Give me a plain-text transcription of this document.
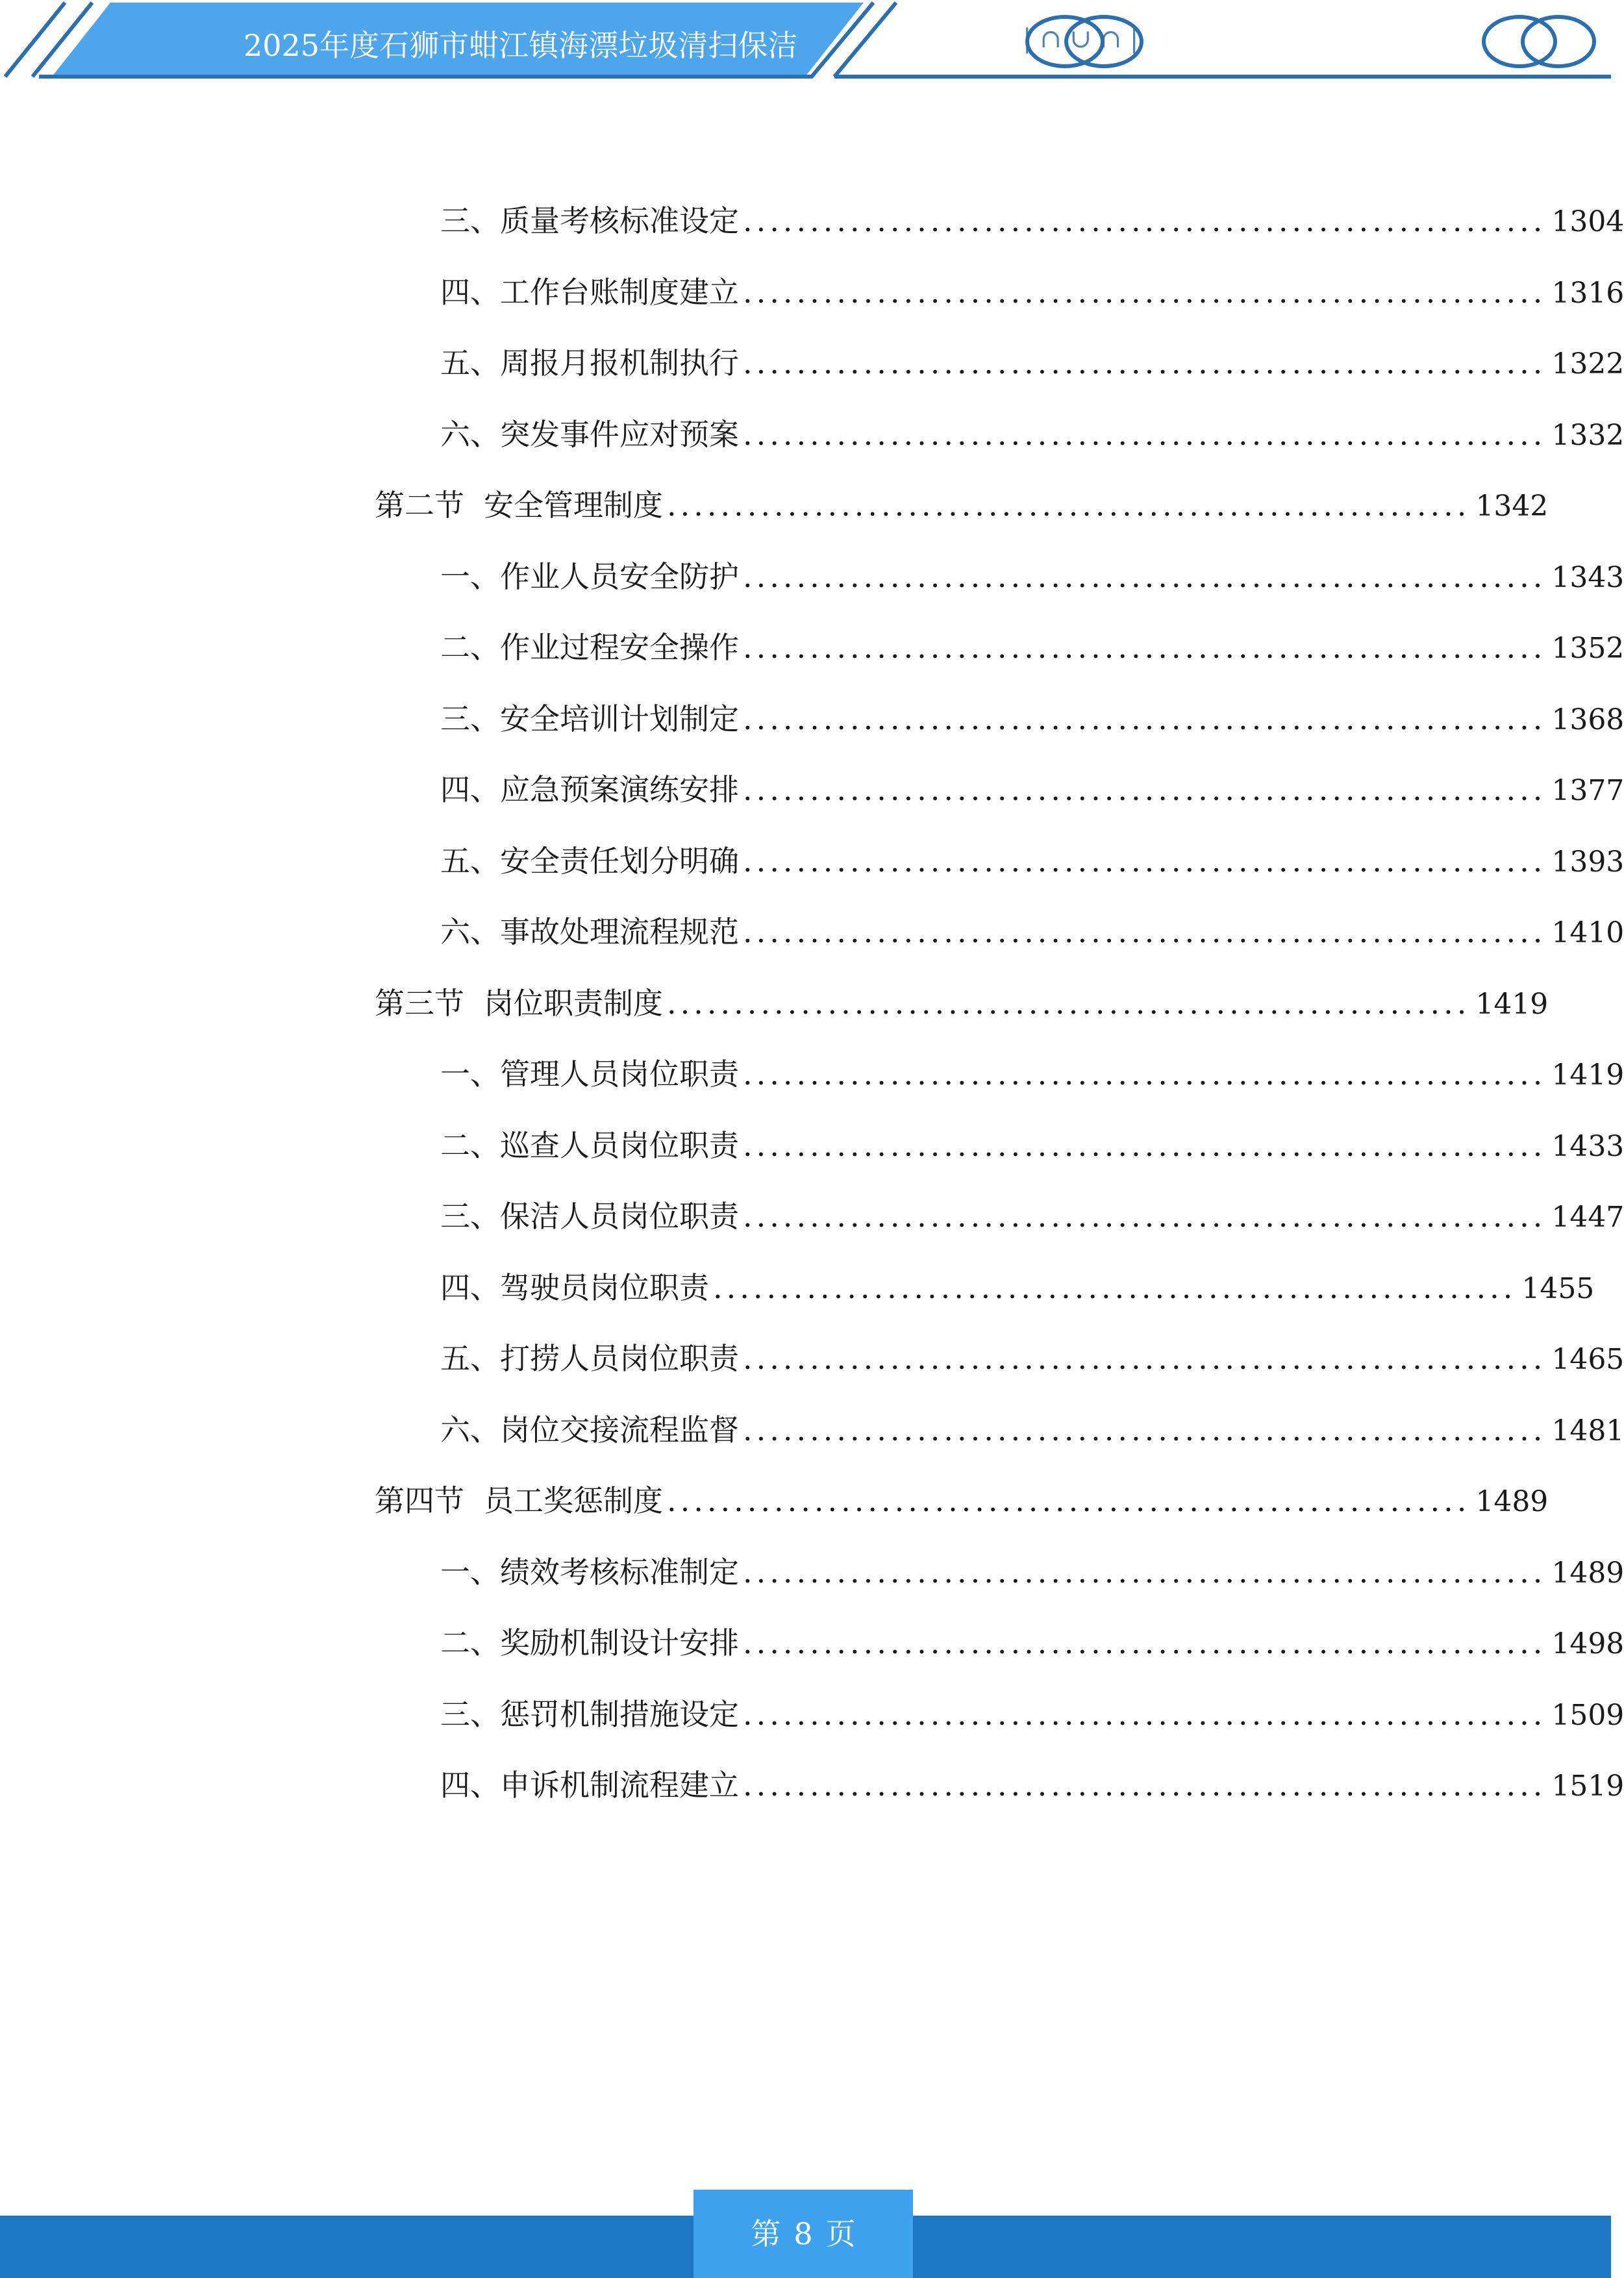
2025年度石狮市蚶江镇海漂垃圾清扫保洁	| ∩ ∪ ∩ |
三、 质量考核标准设定 ............................................................ 1304
四、 工作台账制度建立 ............................................................ 1316
五、 周报月报机制执行 ............................................................ 1322
六、 突发事件应对预案 ............................................................ 1332
第二节 安全管理制度 ............................................................ 1342
一、 作业人员安全防护 ............................................................ 1343
二、 作业过程安全操作 ............................................................ 1352
三、 安全培训计划制定 ............................................................ 1368
四、 应急预案演练安排 ............................................................ 1377
五、 安全责任划分明确 ............................................................ 1393
六、 事故处理流程规范 ............................................................ 1410
第三节 岗位职责制度 ............................................................ 1419
一、 管理人员岗位职责 ............................................................ 1419
二、 巡查人员岗位职责 ............................................................ 1433
三、 保洁人员岗位职责 ............................................................ 1447
四、 驾驶员岗位职责 ............................................................ 1455
五、 打捞人员岗位职责 ............................................................ 1465
六、 岗位交接流程监督 ............................................................ 1481
第四节 员工奖惩制度 ............................................................ 1489
一、 绩效考核标准制定 ............................................................ 1489
二、 奖励机制设计安排 ............................................................ 1498
三、 惩罚机制措施设定 ............................................................ 1509
四、 申诉机制流程建立 ............................................................ 1519
第 8 页
